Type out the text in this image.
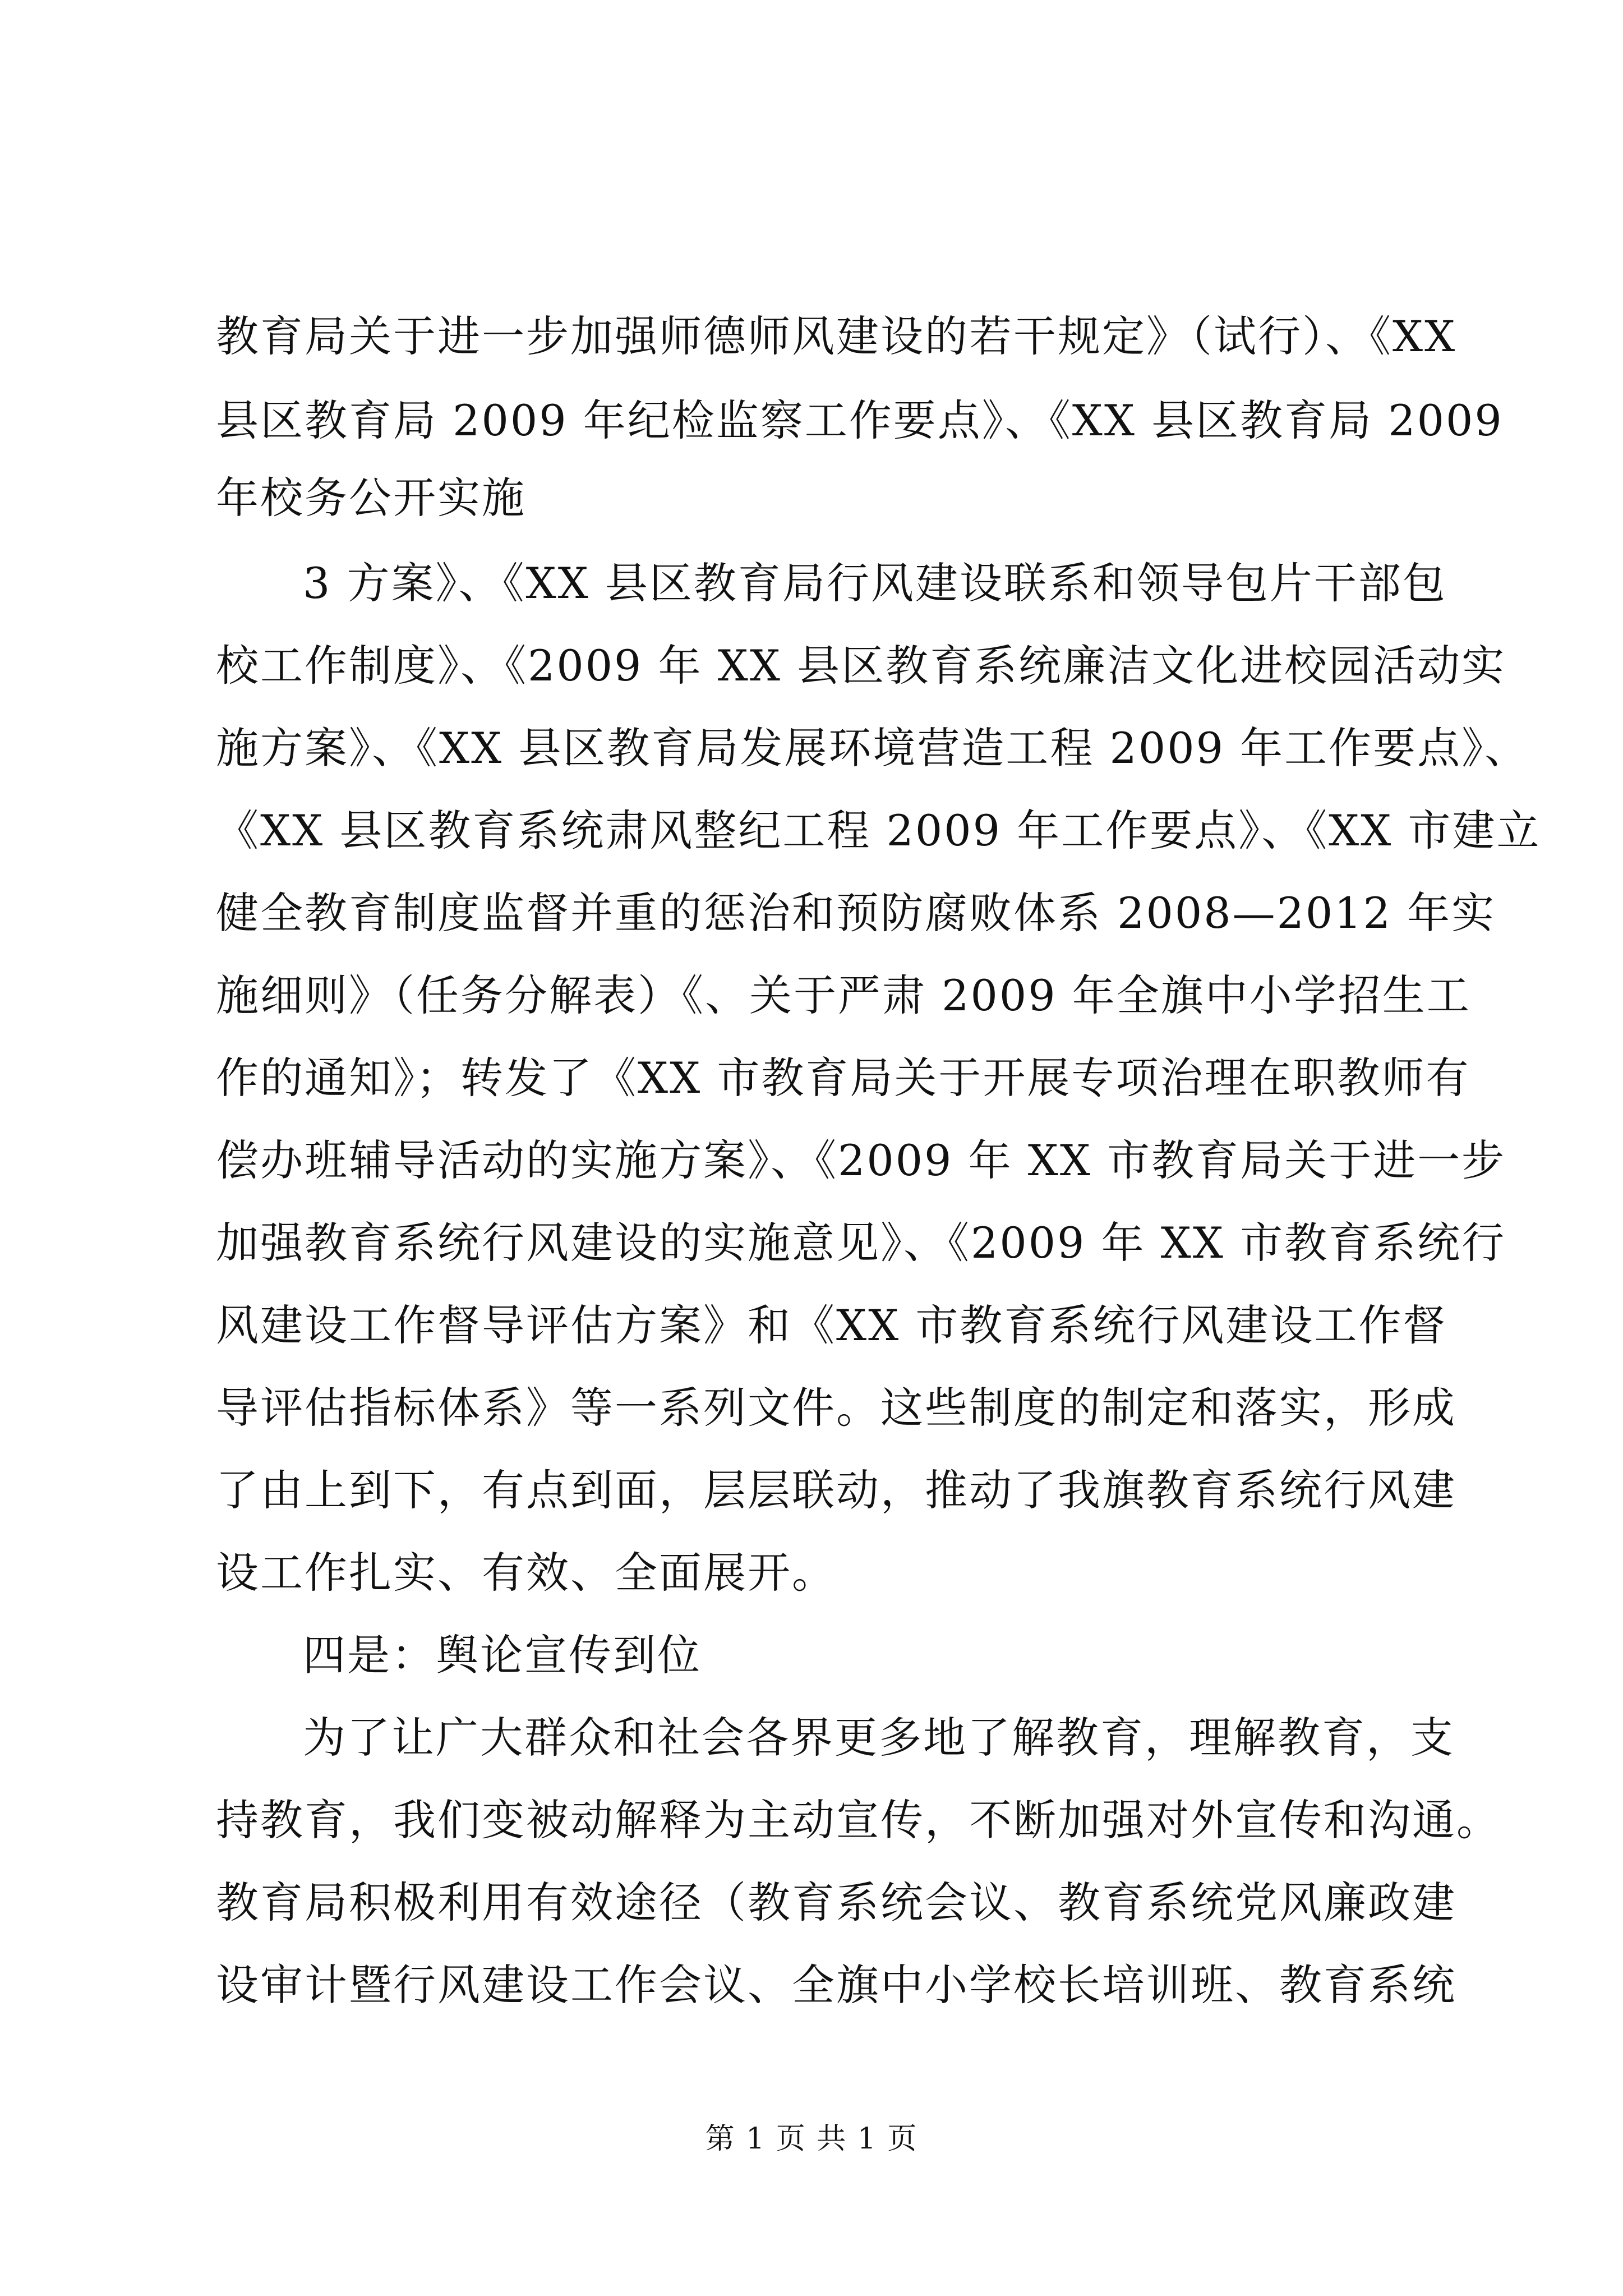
教育局关于进一步加强师德师风建设的若干规定》（试行）、《XX
县区教育局 2009 年纪检监察工作要点》、《XX 县区教育局 2009
年校务公开实施
3 方案》、《XX 县区教育局行风建设联系和领导包片干部包
校工作制度》、《2009 年 XX 县区教育系统廉洁文化进校园活动实
施方案》、《XX 县区教育局发展环境营造工程 2009 年工作要点》、
《XX 县区教育系统肃风整纪工程 2009 年工作要点》、《XX 市建立
健全教育制度监督并重的惩治和预防腐败体系 2008—2012 年实
施细则》（任务分解表）《、关于严肃 2009 年全旗中小学招生工
作的通知》；转发了《XX 市教育局关于开展专项治理在职教师有
偿办班辅导活动的实施方案》、《2009 年 XX 市教育局关于进一步
加强教育系统行风建设的实施意见》、《2009 年 XX 市教育系统行
风建设工作督导评估方案》和《XX 市教育系统行风建设工作督
导评估指标体系》等一系列文件。这些制度的制定和落实，形成
了由上到下，有点到面，层层联动，推动了我旗教育系统行风建
设工作扎实、有效、全面展开。
四是：舆论宣传到位
为了让广大群众和社会各界更多地了解教育，理解教育，支
持教育，我们变被动解释为主动宣传，不断加强对外宣传和沟通。
教育局积极利用有效途径（教育系统会议、教育系统党风廉政建
设审计暨行风建设工作会议、全旗中小学校长培训班、教育系统
第 1 页 共 1 页
